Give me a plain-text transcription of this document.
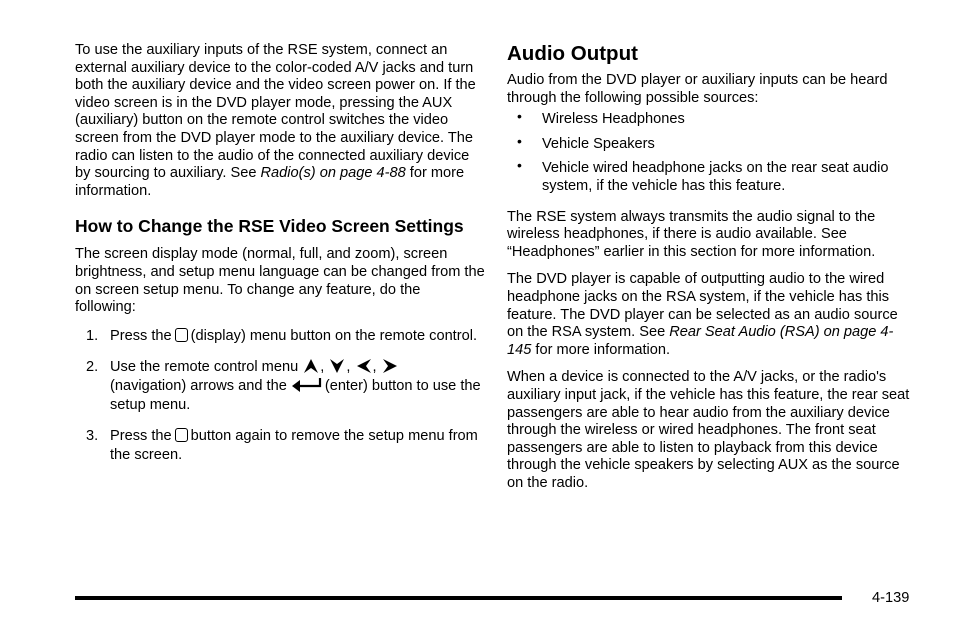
To use the auxiliary inputs of the RSE system, connect an external auxiliary device to the color-coded A/V jacks and turn both the auxiliary device and the video screen power on. If the video screen is in the DVD player mode, pressing the AUX (auxiliary) button on the remote control switches the video screen from the DVD player mode to the auxiliary device. The radio can listen to the audio of the connected auxiliary device by sourcing to auxiliary. See Radio(s) on page 4-88 for more information.

How to Change the RSE Video Screen Settings

The screen display mode (normal, full, and zoom), screen brightness, and setup menu language can be changed from the on screen setup menu. To change any feature, do the following:

1. Press the (display) menu button on the remote control.
2. Use the remote control menu , , ,
(navigation) arrows and the	(enter) button to use the setup menu.
3. Press the button again to remove the setup menu from the screen.
Audio Output

Audio from the DVD player or auxiliary inputs can be heard through the following possible sources:

• Wireless Headphones
• Vehicle Speakers
• Vehicle wired headphone jacks on the rear seat audio system, if the vehicle has this feature.

The RSE system always transmits the audio signal to the wireless headphones, if there is audio available. See “Headphones” earlier in this section for more information.

The DVD player is capable of outputting audio to the wired headphone jacks on the RSA system, if the vehicle has this feature. The DVD player can be selected as an audio source on the RSA system. See Rear Seat Audio (RSA) on page 4-145 for more information.

When a device is connected to the A/V jacks, or the radio's auxiliary input jack, if the vehicle has this feature, the rear seat passengers are able to hear audio from the auxiliary device through the wireless or wired headphones. The front seat passengers are able to listen to playback from this device through the vehicle speakers by selecting AUX as the source on the radio.

4-139
